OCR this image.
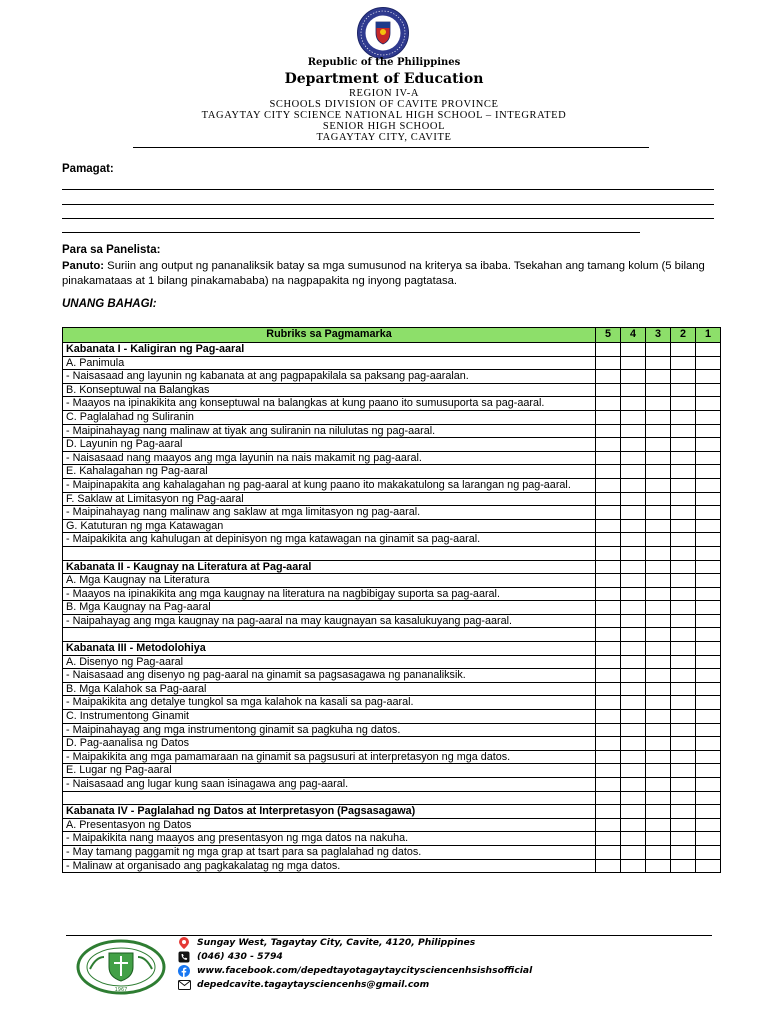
Republic of the Philippines
Department of Education
REGION IV-A
SCHOOLS DIVISION OF CAVITE PROVINCE
TAGAYTAY CITY SCIENCE NATIONAL HIGH SCHOOL – INTEGRATED
SENIOR HIGH SCHOOL
TAGAYTAY CITY, CAVITE
Pamagat:
Para sa Panelista:
Panuto: Suriin ang output ng pananaliksik batay sa mga sumusunod na kriterya sa ibaba. Tsekahan ang tamang kolum (5 bilang pinakamataas at 1 bilang pinakamababa) na nagpapakita ng inyong pagtatasa.
UNANG BAHAGI:
Rubriks sa Pagmamarka	5	4	3	2	1
Kabanata I - Kaligiran ng Pag-aaral					
A. Panimula					
- Naisasaad ang layunin ng kabanata at ang pagpapakilala sa paksang pag-aaralan.					
B. Konseptuwal na Balangkas					
- Maayos na ipinakikita ang konseptuwal na balangkas at kung paano ito sumusuporta sa pag-aaral.					
C. Paglalahad ng Suliranin					
- Maipinahayag nang malinaw at tiyak ang suliranin na nilulutas ng pag-aaral.					
D. Layunin ng Pag-aaral					
- Naisasaad nang maayos ang mga layunin na nais makamit ng pag-aaral.					
E. Kahalagahan ng Pag-aaral					
- Maipinapakita ang kahalagahan ng pag-aaral at kung paano ito makakatulong sa larangan ng pag-aaral.					
F. Saklaw at Limitasyon ng Pag-aaral					
- Maipinahayag nang malinaw ang saklaw at mga limitasyon ng pag-aaral.					
G. Katuturan ng mga Katawagan					
- Maipakikita ang kahulugan at depinisyon ng mga katawagan na ginamit sa pag-aaral.					

Kabanata II - Kaugnay na Literatura at Pag-aaral					
A. Mga Kaugnay na Literatura					
- Maayos na ipinakikita ang mga kaugnay na literatura na nagbibigay suporta sa pag-aaral.					
B. Mga Kaugnay na Pag-aaral					
- Naipahayag ang mga kaugnay na pag-aaral na may kaugnayan sa kasalukuyang pag-aaral.					

Kabanata III - Metodolohiya					
A. Disenyo ng Pag-aaral					
- Naisasaad ang disenyo ng pag-aaral na ginamit sa pagsasagawa ng pananaliksik.					
B. Mga Kalahok sa Pag-aaral					
- Maipakikita ang detalye tungkol sa mga kalahok na kasali sa pag-aaral.					
C. Instrumentong Ginamit					
- Maipinahayag ang mga instrumentong ginamit sa pagkuha ng datos.					
D. Pag-aanalisa ng Datos					
- Maipakikita ang mga pamamaraan na ginamit sa pagsusuri at interpretasyon ng mga datos.					
E. Lugar ng Pag-aaral					
- Naisasaad ang lugar kung saan isinagawa ang pag-aaral.					

Kabanata IV - Paglalahad ng Datos at Interpretasyon (Pagsasagawa)					
A. Presentasyon ng Datos					
- Maipakikita nang maayos ang presentasyon ng mga datos na nakuha.					
- May tamang paggamit ng mga grap at tsart para sa paglalahad ng datos.					
- Malinaw at organisado ang pagkakalatag ng mga datos.					
1967
Sungay West, Tagaytay City, Cavite, 4120, Philippines
(046) 430 - 5794
www.facebook.com/depedtayotagaytaycitysciencenhsishsofficial
depedcavite.tagaytaysciencenhs@gmail.com
